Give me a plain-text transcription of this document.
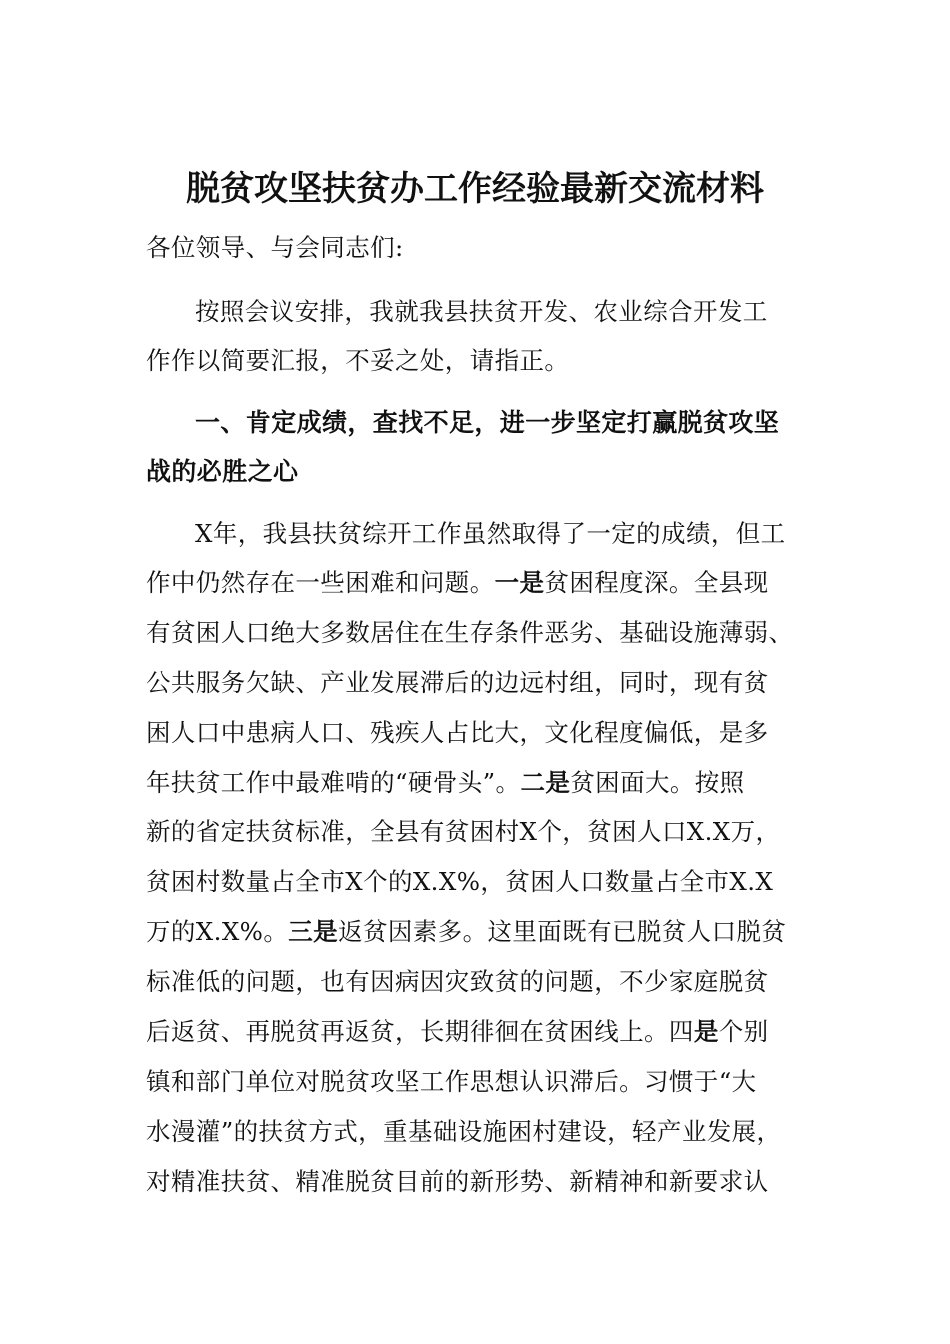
脱贫攻坚扶贫办工作经验最新交流材料
各位领导、与会同志们:
按照会议安排，我就我县扶贫开发、农业综合开发工
作作以简要汇报，不妥之处，请指正。
一、肯定成绩，查找不足，进一步坚定打赢脱贫攻坚
战的必胜之心
X年，我县扶贫综开工作虽然取得了一定的成绩，但工
作中仍然存在一些困难和问题。一是贫困程度深。全县现
有贫困人口绝大多数居住在生存条件恶劣、基础设施薄弱、
公共服务欠缺、产业发展滞后的边远村组，同时，现有贫
困人口中患病人口、残疾人占比大，文化程度偏低，是多
年扶贫工作中最难啃的“硬骨头”。二是贫困面大。按照
新的省定扶贫标准，全县有贫困村X个，贫困人口X.X万，
贫困村数量占全市X个的X.X%，贫困人口数量占全市X.X
万的X.X%。三是返贫因素多。这里面既有已脱贫人口脱贫
标准低的问题，也有因病因灾致贫的问题，不少家庭脱贫
后返贫、再脱贫再返贫，长期徘徊在贫困线上。四是个别
镇和部门单位对脱贫攻坚工作思想认识滞后。习惯于“大
水漫灌”的扶贫方式，重基础设施困村建设，轻产业发展，
对精准扶贫、精准脱贫目前的新形势、新精神和新要求认
